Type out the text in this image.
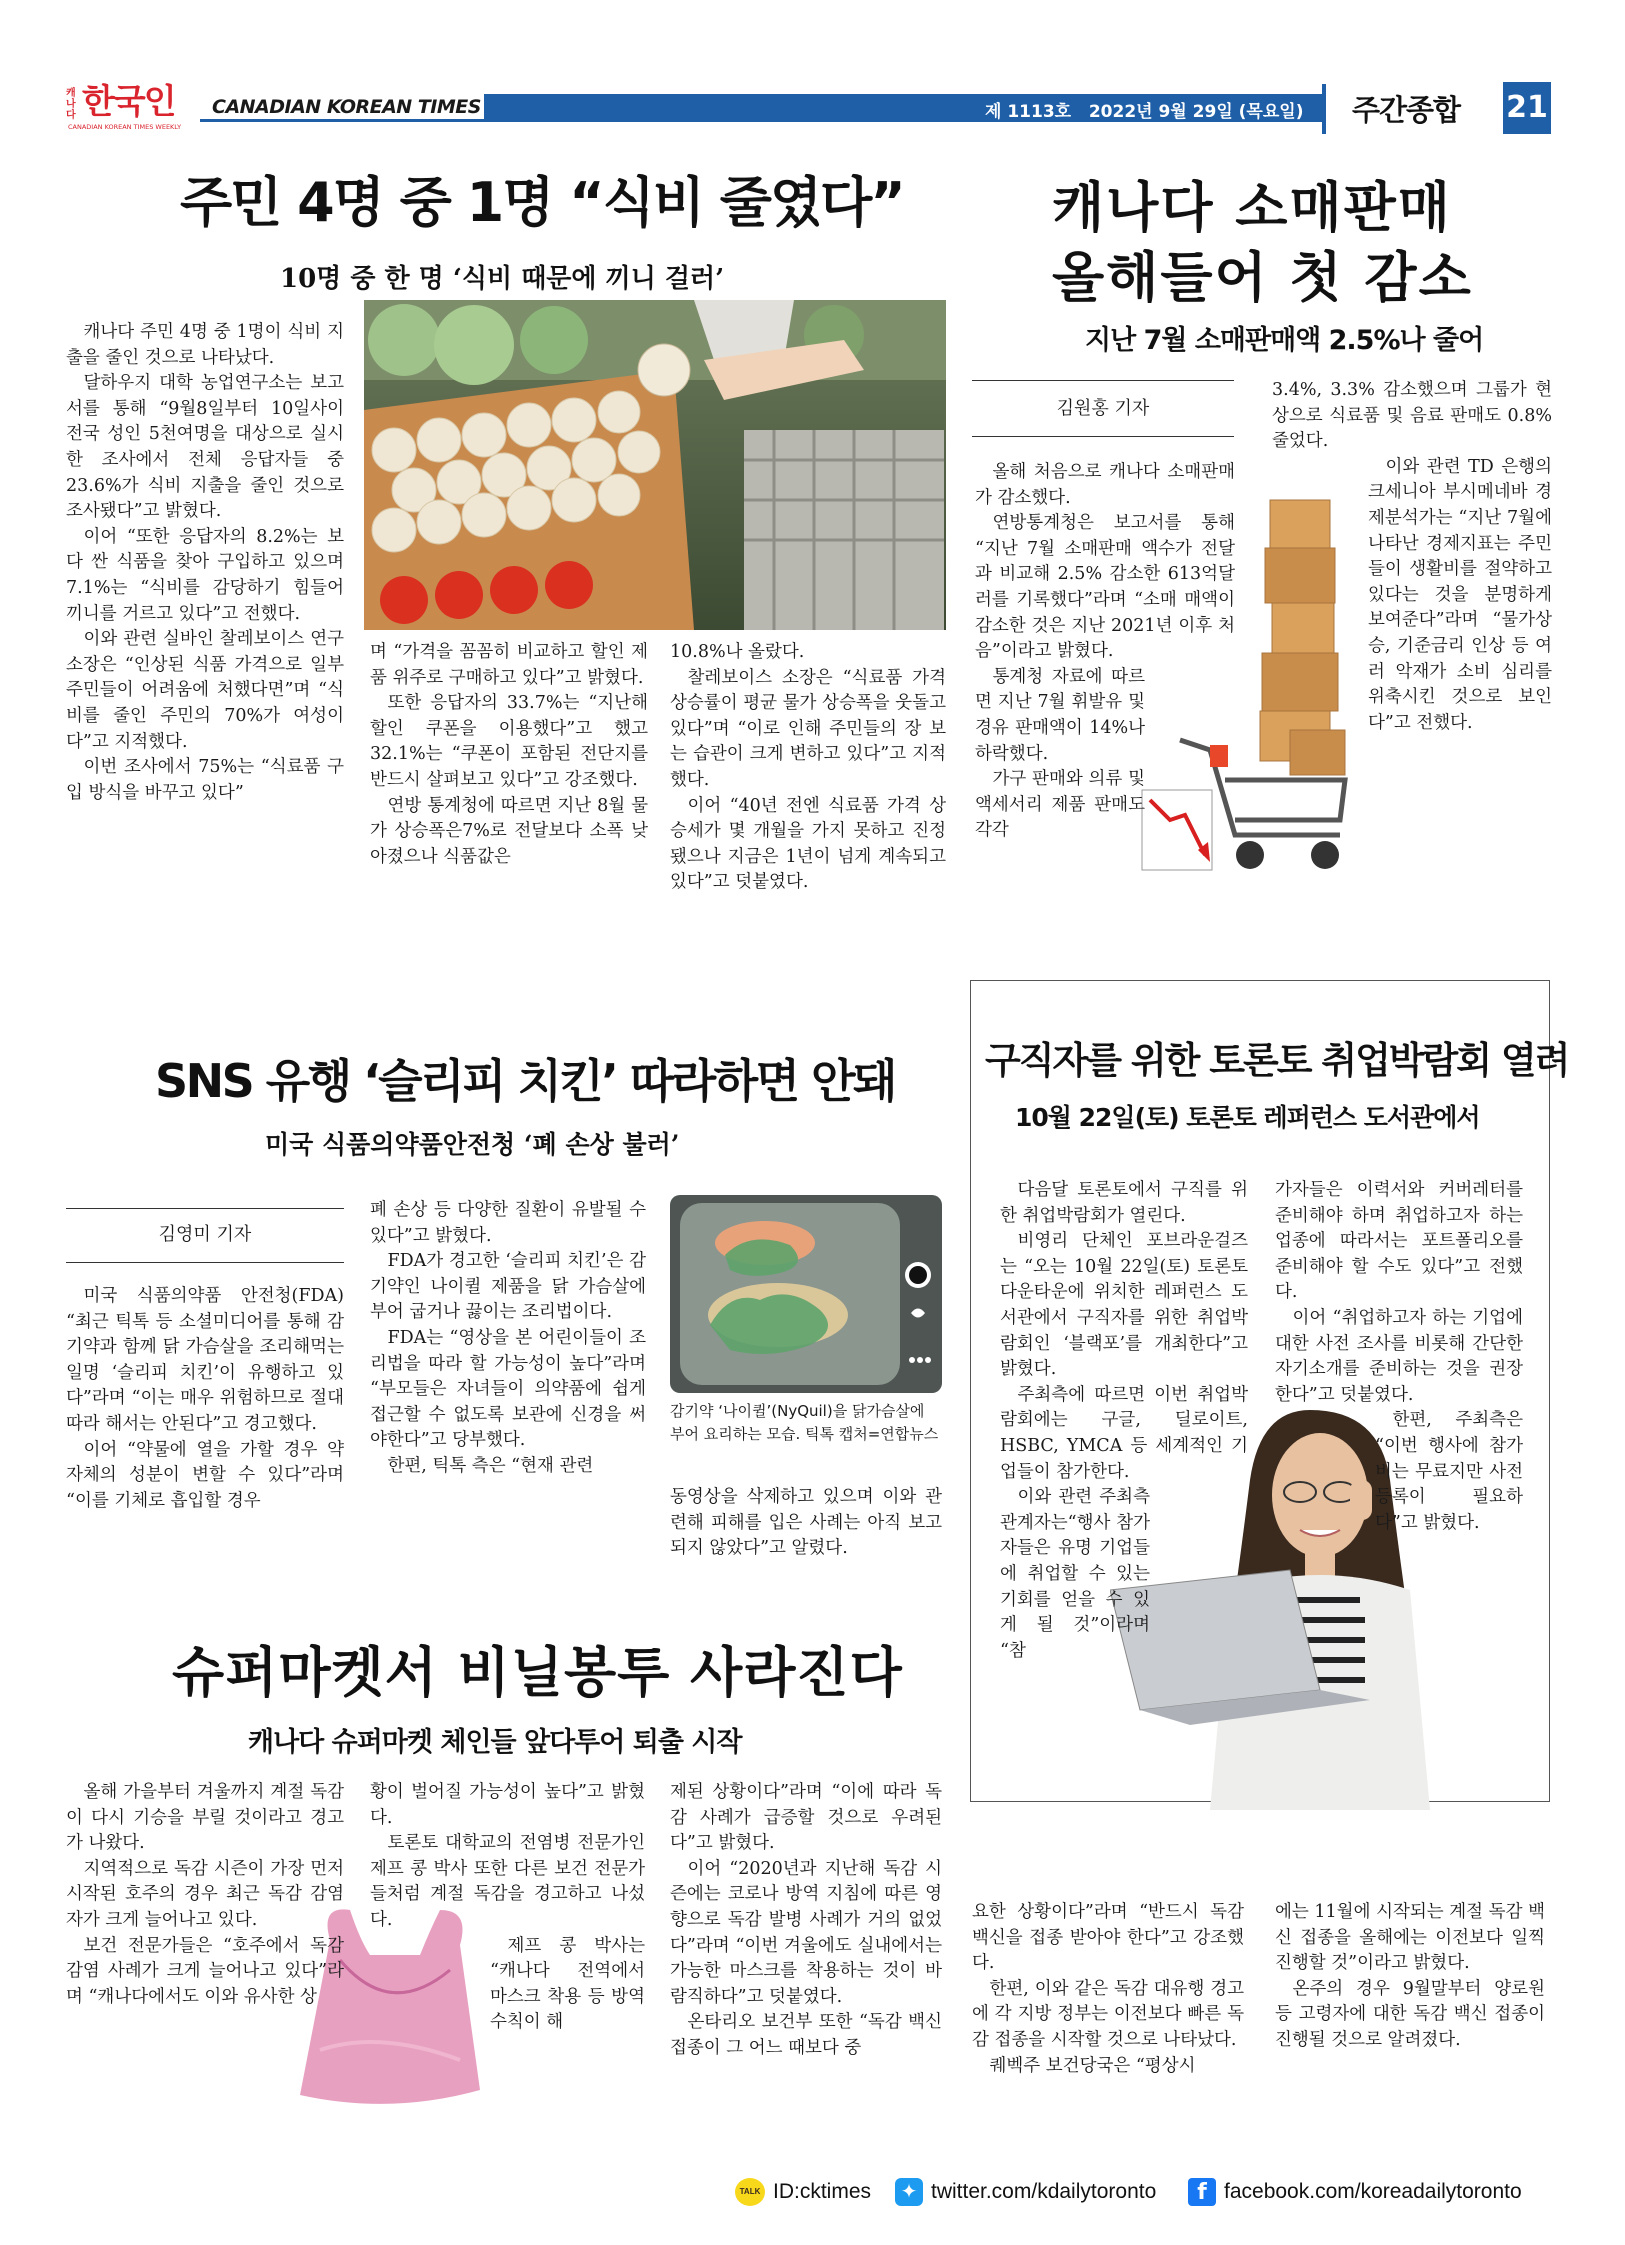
캐나다 한국인
CANADIAN KOREAN TIMES WEEKLY
CANADIAN KOREAN TIMES	제 1113호   2022년 9월 29일 (목요일) 주간종합 21
주민 4명 중 1명 “식비 줄였다”
10명 중 한 명 ‘식비 때문에 끼니 걸러’

캐나다 주민 4명 중 1명이 식비 지출을 줄인 것으로 나타났다.

달하우지 대학 농업연구소는 보고서를 통해 “9월8일부터 10일사이 전국 성인 5천여명을 대상으로 실시한 조사에서 전체 응답자들 중 23.6%가 식비 지출을 줄인 것으로 조사됐다”고 밝혔다.

이어 “또한 응답자의 8.2%는 보다 싼 식품을 찾아 구입하고 있으며 7.1%는 “식비를 감당하기 힘들어 끼니를 거르고 있다”고 전했다.

이와 관련 실바인 찰레보이스 연구소장은 “인상된 식품 가격으로 일부 주민들이 어려움에 처했다면”며 “식비를 줄인 주민의 70%가 여성이다”고 지적했다.

이번 조사에서 75%는 “식료품 구입 방식을 바꾸고 있다”

며 “가격을 꼼꼼히 비교하고 할인 제품 위주로 구매하고 있다”고 밝혔다.

또한 응답자의 33.7%는 “지난해 할인 쿠폰을 이용했다”고 했고 32.1%는 “쿠폰이 포함된 전단지를 반드시 살펴보고 있다”고 강조했다.

연방 통계청에 따르면 지난 8월 물가 상승폭은7%로 전달보다 소폭 낮아졌으나 식품값은

10.8%나 올랐다.

찰레보이스 소장은 “식료품 가격 상승률이 평균 물가 상승폭을 웃돌고 있다”며 “이로 인해 주민들의 장 보는 습관이 크게 변하고 있다”고 지적했다.

이어 “40년 전엔 식료품 가격 상승세가 몇 개월을 가지 못하고 진정됐으나 지금은 1년이 넘게 계속되고 있다”고 덧붙였다.

캐나다 소매판매
올해들어 첫 감소
지난 7월 소매판매액 2.5%나 줄어
김원홍 기자

올해 처음으로 캐나다 소매판매가 감소했다.

연방통계청은 보고서를 통해 “지난 7월 소매판매 액수가 전달과 비교해 2.5% 감소한 613억달러를 기록했다”라며 “소매 매액이 감소한 것은 지난 2021년 이후 처음”이라고 밝혔다.

통계청 자료에 따르면 지난 7월 휘발유 및 경유 판매액이 14%나 하락했다.

가구 판매와 의류 및 액세서리 제품 판매도 각각

3.4%, 3.3% 감소했으며 그룹가 현상으로 식료품 및 음료 판매도 0.8% 줄었다.

이와 관련 TD 은행의 크세니아 부시메네바 경제분석가는 “지난 7월에 나타난 경제지표는 주민들이 생활비를 절약하고 있다는 것을 분명하게 보여준다”라며 “물가상승, 기준금리 인상 등 여러 악재가 소비 심리를 위축시킨 것으로 보인다”고 전했다.

SNS 유행 ‘슬리피 치킨’ 따라하면 안돼
미국 식품의약품안전청 ‘폐 손상 불러’
김영미 기자

미국 식품의약품 안전청(FDA) “최근 틱톡 등 소셜미디어를 통해 감기약과 함께 닭 가슴살을 조리해먹는 일명 ‘슬리피 치킨’이 유행하고 있다”라며 “이는 매우 위험하므로 절대 따라 해서는 안된다”고 경고했다.

이어 “약물에 열을 가할 경우 약 자체의 성분이 변할 수 있다”라며 “이를 기체로 흡입할 경우

폐 손상 등 다양한 질환이 유발될 수 있다”고 밝혔다.

FDA가 경고한 ‘슬리피 치킨’은 감기약인 나이퀼 제품을 닭 가슴살에 부어 굽거나 끓이는 조리법이다.

FDA는 “영상을 본 어린이들이 조리법을 따라 할 가능성이 높다”라며 “부모들은 자녀들이 의약품에 쉽게 접근할 수 없도록 보관에 신경을 써야한다”고 당부했다.

한편, 틱톡 측은 “현재 관련

감기약 ‘나이퀼’(NyQuil)을 닭가슴살에 부어 요리하는 모습. 틱톡 캡처=연합뉴스

동영상을 삭제하고 있으며 이와 관련해 피해를 입은 사례는 아직 보고되지 않았다”고 알렸다.

구직자를 위한 토론토 취업박람회 열려
10월 22일(토) 토론토 레퍼런스 도서관에서

다음달 토론토에서 구직를 위한 취업박람회가 열린다.

비영리 단체인 포브라운걸즈는 “오는 10월 22일(토) 토론토 다운타운에 위치한 레퍼런스 도서관에서 구직자를 위한 취업박람회인 ‘블랙포’를 개최한다”고 밝혔다.

주최측에 따르면 이번 취업박람회에는 구글, 딜로이트, HSBC, YMCA 등 세계적인 기업들이 참가한다.

이와 관련 주최측 관계자는“행사 참가자들은 유명 기업들에 취업할 수 있는 기회를 얻을 수 있게 될 것”이라며 “참

가자들은 이력서와 커버레터를 준비해야 하며 취업하고자 하는 업종에 따라서는 포트폴리오를 준비해야 할 수도 있다”고 전했다.

이어 “취업하고자 하는 기업에 대한 사전 조사를 비롯해 간단한 자기소개를 준비하는 것을 권장한다”고 덧붙였다.

한편, 주최측은 “이번 행사에 참가비는 무료지만 사전 등록이 필요하다”고 밝혔다.

슈퍼마켓서 비닐봉투 사라진다
캐나다 슈퍼마켓 체인들 앞다투어 퇴출 시작

올해 가을부터 겨울까지 계절 독감이 다시 기승을 부릴 것이라고 경고가 나왔다.

지역적으로 독감 시즌이 가장 먼저 시작된 호주의 경우 최근 독감 감염자가 크게 늘어나고 있다.

보건 전문가들은 “호주에서 독감 감염 사례가 크게 늘어나고 있다”라며 “캐나다에서도 이와 유사한 상

황이 벌어질 가능성이 높다”고 밝혔다.

토론토 대학교의 전염병 전문가인 제프 콩 박사 또한 다른 보건 전문가들처럼 계절 독감을 경고하고 나섰다.

제프 콩 박사는 “캐나다 전역에서 마스크 착용 등 방역수칙이 해

제된 상황이다”라며 “이에 따라 독감 사례가 급증할 것으로 우려된다”고 밝혔다.

이어 “2020년과 지난해 독감 시즌에는 코로나 방역 지침에 따른 영향으로 독감 발병 사례가 거의 없었다”라며 “이번 겨울에도 실내에서는 가능한 마스크를 착용하는 것이 바람직하다”고 덧붙였다.

온타리오 보건부 또한 “독감 백신 접종이 그 어느 때보다 중

요한 상황이다”라며 “반드시 독감 백신을 접종 받아야 한다”고 강조했다.

한편, 이와 같은 독감 대유행 경고에 각 지방 정부는 이전보다 빠른 독감 접종을 시작할 것으로 나타났다.

퀘벡주 보건당국은 “평상시

에는 11월에 시작되는 계절 독감 백신 접종을 올해에는 이전보다 일찍 진행할 것”이라고 밝혔다.

온주의 경우 9월말부터 양로원 등 고령자에 대한 독감 백신 접종이 진행될 것으로 알려졌다.

TALK ID:cktimes ✦ twitter.com/kdailytoronto	f facebook.com/koreadailytoronto
